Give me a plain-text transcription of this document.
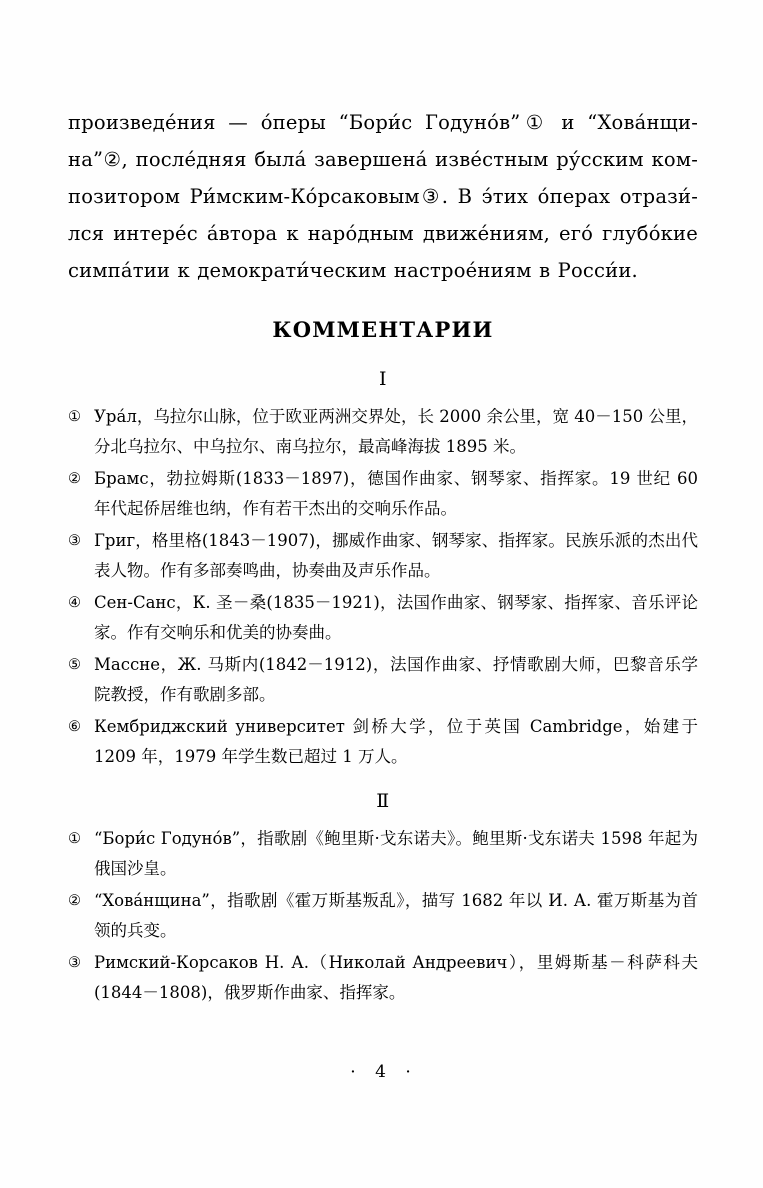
произведе́ния — о́перы “Бори́с Годуно́в”① и “Хова́нщи-на”②, после́дняя была́ завершена́ изве́стным ру́сским ком-позитором Ри́мским-Ко́рсаковым③. В э́тих о́перах отрази́-лся интере́с а́втора к наро́дным движе́ниям, его́ глубо́кие симпа́тии к демократи́ческим настрое́ниям в Росси́и.

КОММЕНТАРИИ
I
① Ура́л，乌拉尔山脉，位于欧亚两洲交界处，长 2000 余公里，宽 40－150 公里，分北乌拉尔、中乌拉尔、南乌拉尔，最高峰海拔 1895 米。
② Брамс，勃拉姆斯(1833－1897)，德国作曲家、钢琴家、指挥家。19 世纪 60 年代起侨居维也纳，作有若干杰出的交响乐作品。
③ Григ，格里格(1843－1907)，挪威作曲家、钢琴家、指挥家。民族乐派的杰出代表人物。作有多部奏鸣曲，协奏曲及声乐作品。
④ Сен-Санс，К. 圣－桑(1835－1921)，法国作曲家、钢琴家、指挥家、音乐评论家。作有交响乐和优美的协奏曲。
⑤ Массне，Ж. 马斯内(1842－1912)，法国作曲家、抒情歌剧大师，巴黎音乐学院教授，作有歌剧多部。
⑥ Кембриджский университет 剑桥大学，位于英国 Cambridge，始建于 1209 年，1979 年学生数已超过 1 万人。
Ⅱ
① “Бори́с Годуно́в”，指歌剧《鲍里斯·戈东诺夫》。鲍里斯·戈东诺夫 1598 年起为俄国沙皇。
② “Хова́нщина”，指歌剧《霍万斯基叛乱》，描写 1682 年以 И. А. 霍万斯基为首领的兵变。
③ Римский-Корсаков Н. А.（Николай Андреевич），里姆斯基－科萨科夫(1844－1808)，俄罗斯作曲家、指挥家。
· 4 ·
